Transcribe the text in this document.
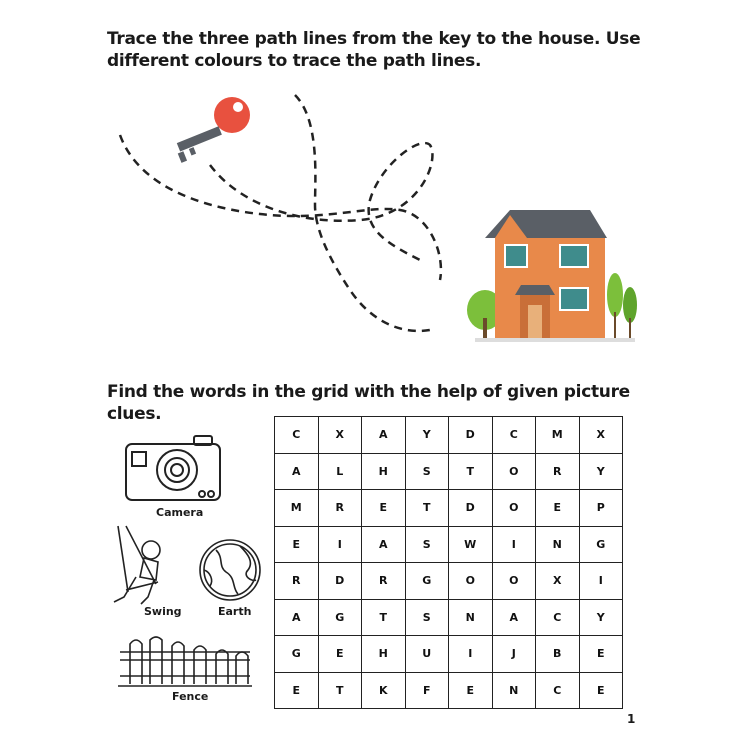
Trace the three path lines from the key to the house. Use different colours to trace the path lines.
Find the words in the grid with the help of given picture clues.
Camera
Swing	Earth
Fence
C	X	A	Y	D	C	M	X
A	L	H	S	T	O	R	Y
M	R	E	T	D	O	E	P
E	I	A	S	W	I	N	G
R	D	R	G	O	O	X	I
A	G	T	S	N	A	C	Y
G	E	H	U	I	J	B	E
E	T	K	F	E	N	C	E
1
